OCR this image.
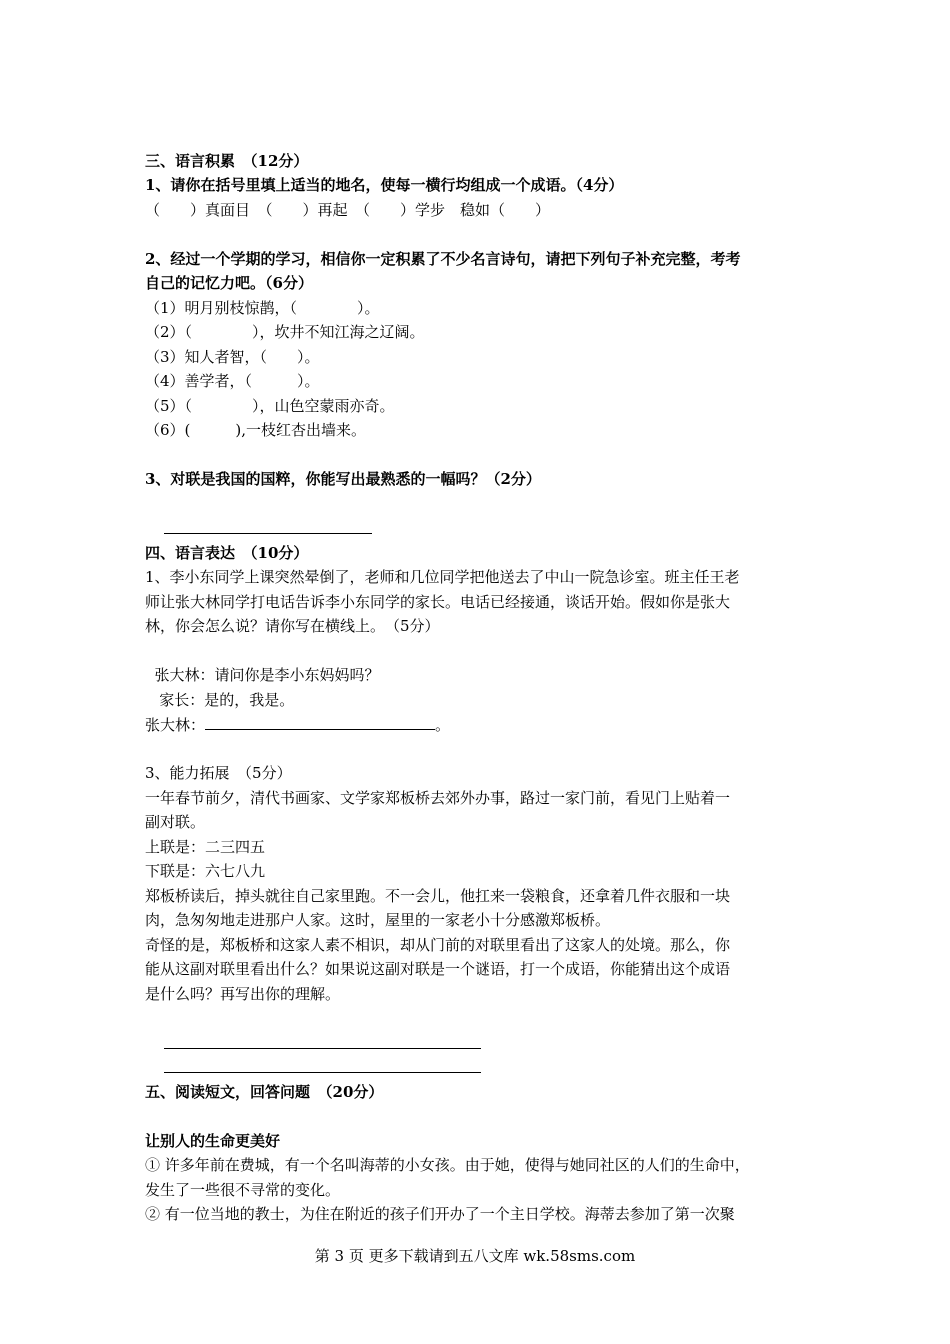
三、语言积累　（12分）
1、请你在括号里填上适当的地名，使每一横行均组成一个成语。（4分）
（　　）真面目　（　　）再起　（　　）学步　稳如（　　）
2、经过一个学期的学习，相信你一定积累了不少名言诗句，请把下列句子补充完整，考考
自己的记忆力吧。（6分）
（1）明月别枝惊鹊，（　　　　）。
（2）（　　　　），坎井不知江海之辽阔。
（3）知人者智，（　　）。
（4）善学者，（　　　）。
（5）（　　　　），山色空蒙雨亦奇。
（6）(　　　),一枝红杏出墙来。
3、对联是我国的国粹，你能写出最熟悉的一幅吗？（2分）

四、语言表达　（10分）
1、李小东同学上课突然晕倒了，老师和几位同学把他送去了中山一院急诊室。班主任王老
师让张大林同学打电话告诉李小东同学的家长。电话已经接通，谈话开始。假如你是张大
林，你会怎么说？请你写在横线上。　（5分）
张大林：请问你是李小东妈妈吗？
家长：是的，我是。
张大林：	。
3、能力拓展　（5分）
一年春节前夕，清代书画家、文学家郑板桥去郊外办事，路过一家门前，看见门上贴着一
副对联。
上联是：二三四五
下联是：六七八九
郑板桥读后，掉头就往自己家里跑。不一会儿，他扛来一袋粮食，还拿着几件衣服和一块
肉，急匆匆地走进那户人家。这时，屋里的一家老小十分感激郑板桥。
奇怪的是，郑板桥和这家人素不相识，却从门前的对联里看出了这家人的处境。那么，你
能从这副对联里看出什么？如果说这副对联是一个谜语，打一个成语，你能猜出这个成语
是什么吗？再写出你的理解。

五、阅读短文，回答问题　（20分）
让别人的生命更美好
① 许多年前在费城，有一个名叫海蒂的小女孩。由于她，使得与她同社区的人们的生命中，
发生了一些很不寻常的变化。
② 有一位当地的教士，为住在附近的孩子们开办了一个主日学校。海蒂去参加了第一次聚
第 3 页 更多下载请到五八文库 wk.58sms.com
